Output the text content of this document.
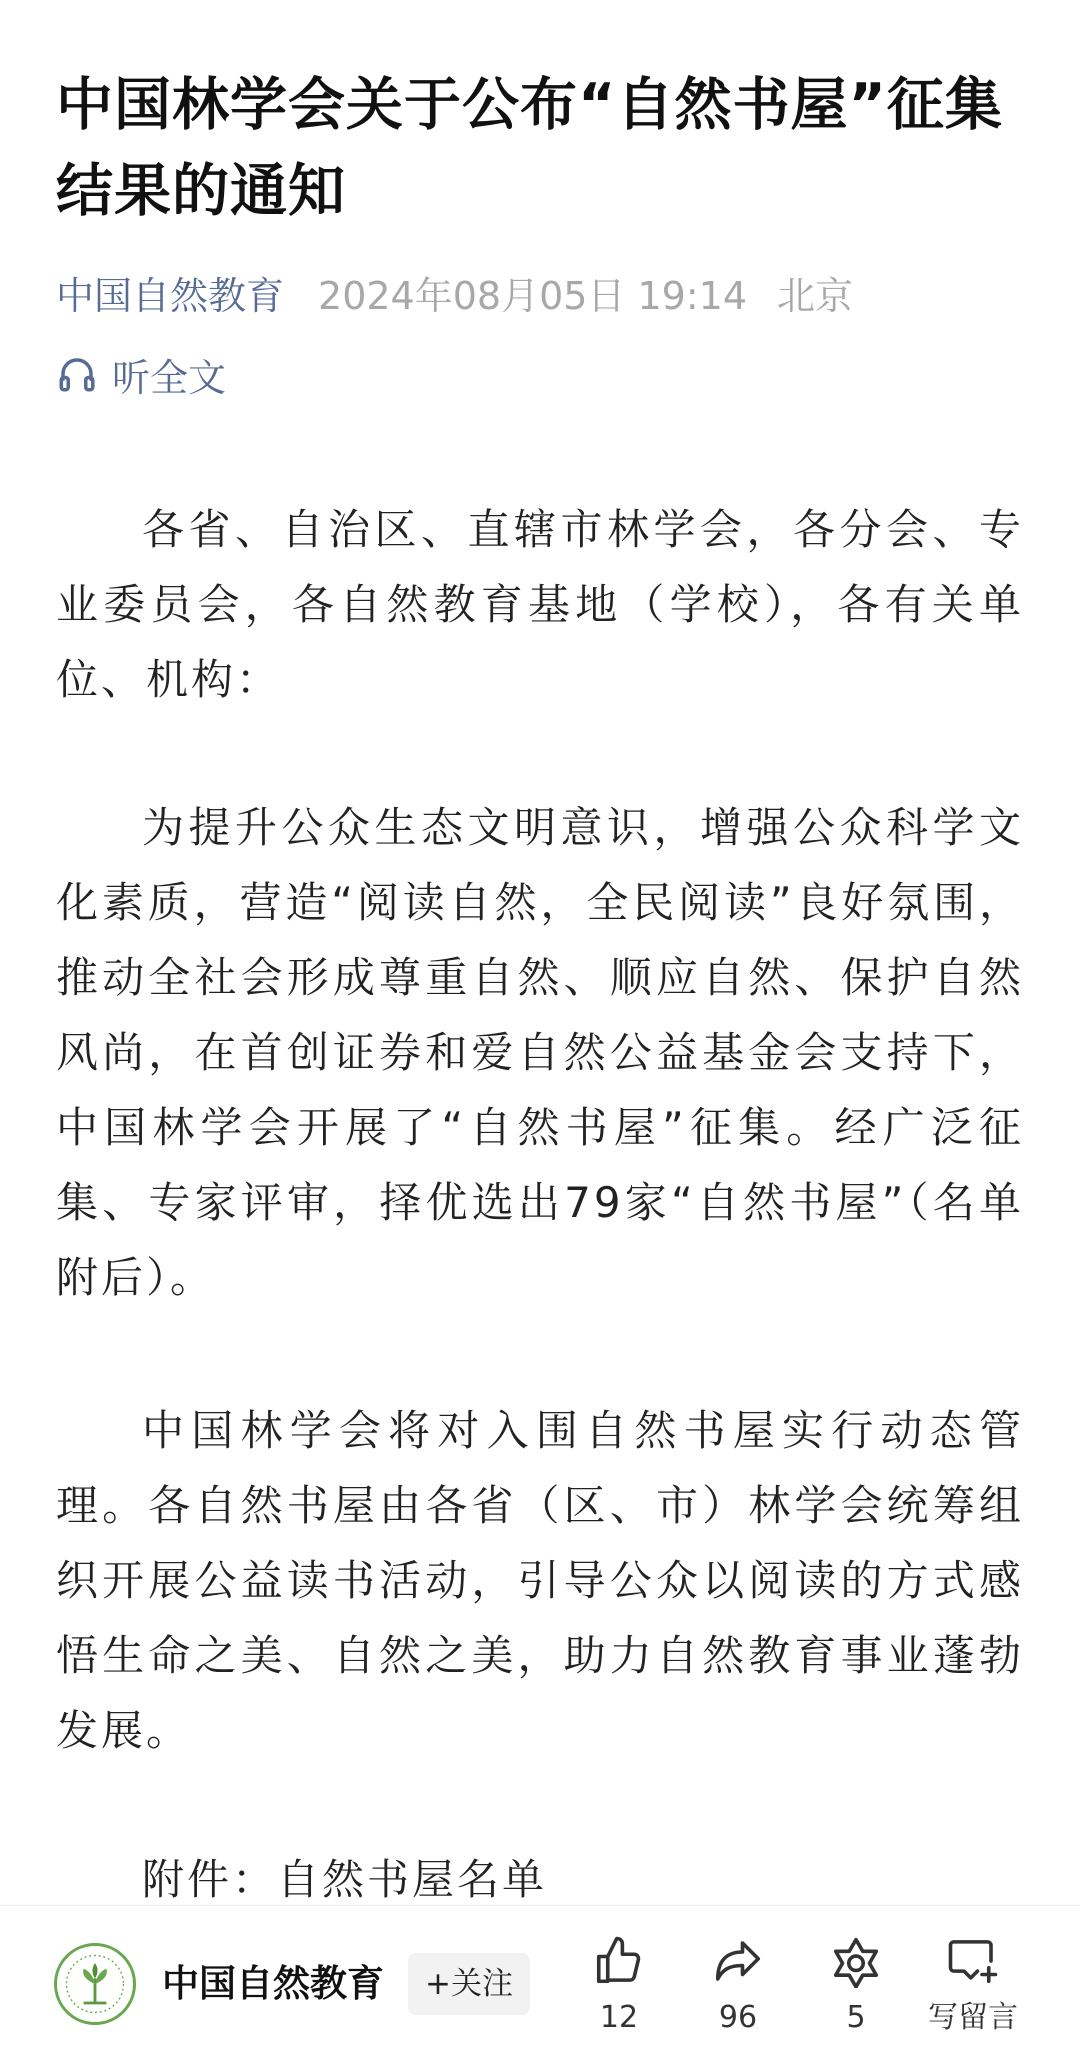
中国林学会关于公布“自然书屋”征集结果的通知
中国自然教育 2024年08月05日 19:14 北京
听全文

各省、自治区、直辖市林学会，各分会、专业委员会，各自然教育基地（学校），各有关单位、机构：

为提升公众生态文明意识，增强公众科学文化素质，营造“阅读自然，全民阅读”良好氛围，推动全社会形成尊重自然、顺应自然、保护自然风尚，在首创证券和爱自然公益基金会支持下，中国林学会开展了“自然书屋”征集。经广泛征集、专家评审，择优选出79家“自然书屋”（名单附后）。

中国林学会将对入围自然书屋实行动态管理。各自然书屋由各省（区、市）林学会统筹组织开展公益读书活动，引导公众以阅读的方式感悟生命之美、自然之美，助力自然教育事业蓬勃发展。

附件：自然书屋名单

中国自然教育	+关注
12	96	5	写留言
